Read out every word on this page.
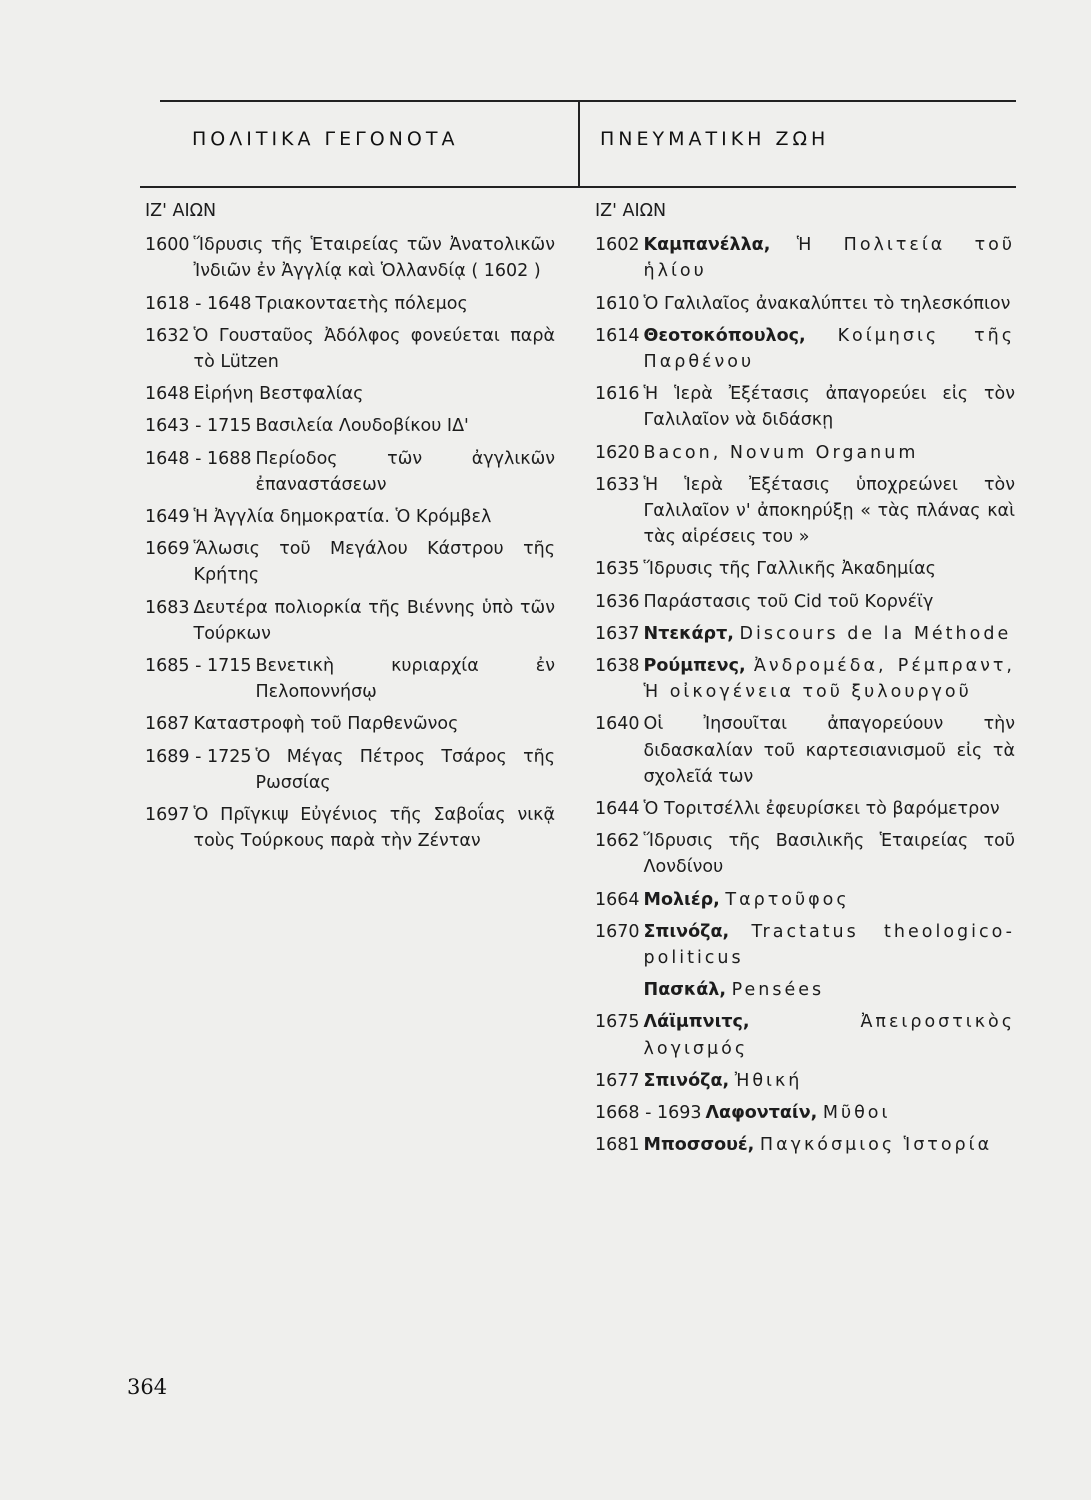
ΠΟΛΙΤΙΚΑ ΓΕΓΟΝΟΤΑ	ΠΝΕΥΜΑΤΙΚΗ ΖΩΗ
ΙΖ' ΑΙΩΝ
1600 Ἵδρυσις τῆς Ἑταιρείας τῶν Ἀνατολικῶν Ἰνδιῶν ἐν Ἀγγλίᾳ καὶ Ὁλλανδίᾳ ( 1602 )
1618 - 1648 Τριακονταετὴς πόλεμος
1632 Ὁ Γουσταῦος Ἀδόλφος φονεύεται παρὰ τὸ Lützen
1648 Εἰρήνη Βεστφαλίας
1643 - 1715 Βασιλεία Λουδοβίκου ΙΔ'
1648 - 1688 Περίοδος τῶν ἀγγλικῶν ἐπαναστάσεων
1649 Ἡ Ἀγγλία δημοκρατία. Ὁ Κρόμβελ
1669 Ἅλωσις τοῦ Μεγάλου Κάστρου τῆς Κρήτης
1683 Δευτέρα πολιορκία τῆς Βιέννης ὑπὸ τῶν Τούρκων
1685 - 1715 Βενετικὴ κυριαρχία ἐν Πελοποννήσῳ
1687 Καταστροφὴ τοῦ Παρθενῶνος
1689 - 1725 Ὁ Μέγας Πέτρος Τσάρος τῆς Ρωσσίας
1697 Ὁ Πρῖγκιψ Εὐγένιος τῆς Σαβοΐας νικᾷ τοὺς Τούρκους παρὰ τὴν Ζένταν
ΙΖ' ΑΙΩΝ
1602 Καμπανέλλα, Ἡ Πολιτεία τοῦ ἡλίου
1610 Ὁ Γαλιλαῖος ἀνακαλύπτει τὸ τηλεσκόπιον
1614 Θεοτοκόπουλος, Κοίμησις τῆς Παρθένου
1616 Ἡ Ἱερὰ Ἐξέτασις ἀπαγορεύει εἰς τὸν Γαλιλαῖον νὰ διδάσκῃ
1620 Bacon, Novum Organum
1633 Ἡ Ἱερὰ Ἐξέτασις ὑποχρεώνει τὸν Γαλιλαῖον ν' ἀποκηρύξῃ « τὰς πλάνας καὶ τὰς αἱρέσεις του »
1635 Ἵδρυσις τῆς Γαλλικῆς Ἀκαδημίας
1636 Παράστασις τοῦ Cid τοῦ Κορνέϊγ
1637 Ντεκάρτ, Discours de la Méthode
1638 Ρούμπενς, Ἀνδρομέδα, Ρέμπραντ, Ἡ οἰκογένεια τοῦ ξυλουργοῦ
1640 Οἱ Ἰησουῖται ἀπαγορεύουν τὴν διδασκαλίαν τοῦ καρτεσιανισμοῦ εἰς τὰ σχολεῖά των
1644 Ὁ Τοριτσέλλι ἐφευρίσκει τὸ βαρόμετρον
1662 Ἵδρυσις τῆς Βασιλικῆς Ἑταιρείας τοῦ Λονδίνου
1664 Μολιέρ, Ταρτοῦφος
1670 Σπινόζα, Tractatus theologico-politicus
Πασκάλ, Pensées
1675 Λάϊμπνιτς,	Ἀπειροστικὸς λογισμός
1677 Σπινόζα, Ἠθική
1668 - 1693 Λαφονταίν, Μῦθοι
1681 Μποσσουέ, Παγκόσμιος Ἱστορία
364
